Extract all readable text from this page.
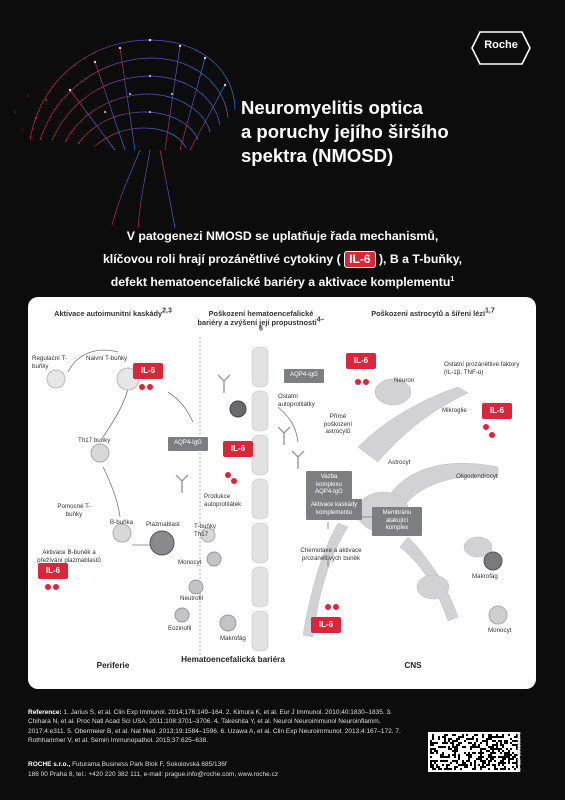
Roche
Neuromyelitis optica
a poruchy jejího širšího
spektra (NMOSD)
V patogenezi NMOSD se uplatňuje řada mechanismů,
klíčovou roli hrají prozánětlivé cytokiny ( IL-6 ), B a T-buňky,
defekt hematoencefalické bariéry a aktivace komplementu$^1$
Aktivace autoimunitní kaskády2,3	Poškození hematoencefalické bariéry a zvýšení její propustnosti4–6
Poškození astrocytů a šíření lézí1,7
IL-6
IL-6
IL-6
IL-6
IL-6
IL-6
Regulační T-buňky
Naivní T-buňky
Th17 buňky
Pomocné T-buňky
B-buňka	Plazmablast
Aktivace B-buněk a přežívání plazmablastů
AQP4-IgG
Produkce autoprotilátek
T-buňky Th17
Monocyt
Neutrofil
Eozinofil
Makrofág
AQP4-IgG
Ostatní autoprotilátky
Přímé poškození astrocytů
Neuron
Astrocyt
Ostatní prozánětlivé faktory (IL-1β, TNF-α)
Mikroglie
Oligodendrocyt
Vazba komplexu AQP4-IgG
Aktivace kaskády komplementu	Membránu atakující komplex
Chemotaxe a aktivace prozánětlivých buněk
Makrofág
Monocyt
Periferie
Hematoencefalická bariéra
CNS
Reference: 1. Jarius S, et al. Clin Exp Immunol. 2014;176:149–164. 2. Kimura K, et al. Eur J Immunol. 2010;40:1830–1835. 3. Chihara N, et al. Proc Natl Acad Sci USA. 2011;108:3701–3706. 4. Takeshita Y, et al. Neurol Neuroimmunol Neuroinflamm. 2017;4:e311. 5. Obermeier B, et al. Nat Med. 2013;19:1584–1596. 6. Uzawa A, et al. Clin Exp Neuroimmunol. 2013;4:167–172. 7. Rothhammer V, et al. Semin Immunopathol. 2015;37:625–638.
ROCHE s.r.o., Futurama Business Park Blok F, Sokolovská 685/136f
186 00 Praha 8, tel.: +420 220 382 111, e-mail: prague.info@roche.com, www.roche.cz
M-CZ-00000870
